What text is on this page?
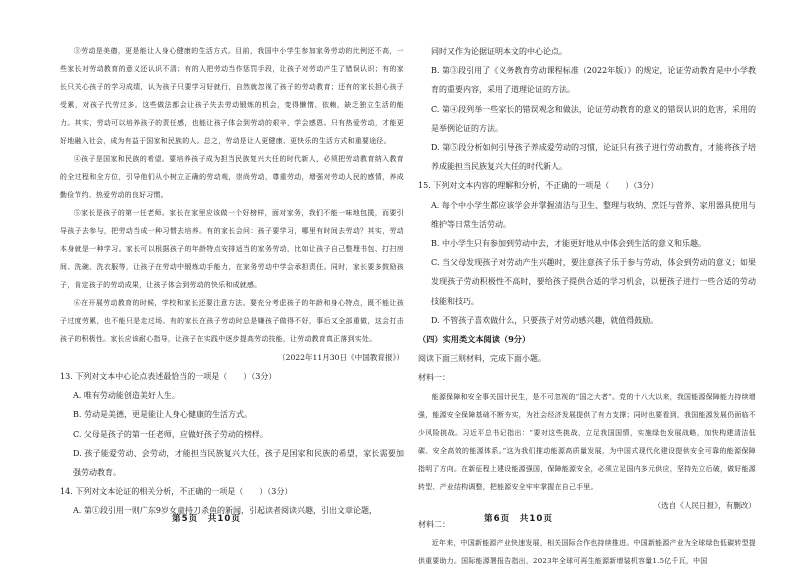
③劳动是美德，更是能让人身心健康的生活方式。目前，我国中小学生参加家务劳动的比例还不高，一些家长对劳动教育的意义还认识不清；有的人把劳动当作惩罚手段，让孩子对劳动产生了错误认识；有的家长只关心孩子的学习成绩，认为孩子只要学习好就行，自然就忽视了孩子的劳动教育；还有的家长担心孩子受累，对孩子代劳过多。这些做法都会让孩子失去劳动锻炼的机会，变得懒惰、依赖，缺乏独立生活的能力。其实，劳动可以培养孩子的责任感，也能让孩子体会到劳动的艰辛，学会感恩。只有热爱劳动，才能更好地融入社会，成为有益于国家和民族的人。总之，劳动是让人更健康、更快乐的生活方式和重要途径。

④孩子是国家和民族的希望。要培养孩子成为担当民族复兴大任的时代新人，必须把劳动教育纳入教育的全过程和全方位，引导他们从小树立正确的劳动观，崇尚劳动，尊重劳动，增强对劳动人民的感情，养成勤俭节约、热爱劳动的良好习惯。

⑤家长是孩子的第一任老师。家长在家里应该做一个好榜样，面对家务，我们不能一味地包揽，而要引导孩子去参与，把劳动当成一种习惯去培养。有的家长会问：孩子要学习，哪里有时间去劳动？其实，劳动本身就是一种学习。家长可以根据孩子的年龄特点安排适当的家务劳动，比如让孩子自己整理书包、打扫房间、洗碗、洗衣服等，让孩子在劳动中锻炼动手能力，在家务劳动中学会承担责任。同时，家长要多鼓励孩子，肯定孩子的劳动成果，让孩子体会到劳动的快乐和成就感。

⑥在开展劳动教育的时候，学校和家长还要注意方法。要充分考虑孩子的年龄和身心特点，既不能让孩子过度劳累，也不能只是走过场。有的家长在孩子劳动时总是嫌孩子做得不好，事后又全部重做，这会打击孩子的积极性。家长应该耐心指导，让孩子在实践中逐步提高劳动技能，让劳动教育真正落到实处。

（2022年11月30日《中国教育报》）

13. 下列对文本中心论点表述最恰当的一项是（　　）（3分）

A. 唯有劳动能创造美好人生。

B. 劳动是美德，更是能让人身心健康的生活方式。

C. 父母是孩子的第一任老师，应做好孩子劳动的榜样。

D. 孩子能爱劳动、会劳动，才能担当民族复兴大任，孩子是国家和民族的希望，家长需要加强劳动教育。

14. 下列对文本论证的相关分析，不正确的一项是（　　）（3分）

A. 第①段引用一则广东9岁女童持刀杀鱼的新闻，引起读者阅读兴趣，引出文章论题，

同时又作为论据证明本文的中心论点。

B. 第③段引用了《义务教育劳动课程标准（2022年版）》的规定，论证劳动教育是中小学教育的重要内容，采用了道理论证的方法。

C. 第④段列举一些家长的错误观念和做法，论证劳动教育的意义的错误认识的危害，采用的是举例论证的方法。

D. 第⑤段分析如何引导孩子养成爱劳动的习惯，论证只有孩子进行劳动教育，才能将孩子培养成能担当民族复兴大任的时代新人。

15. 下列对文本内容的理解和分析，不正确的一项是（　　）（3分）

A. 每个中小学生都应该学会并掌握清洁与卫生、整理与收纳、烹饪与营养、家用器具使用与维护等日常生活劳动。

B. 中小学生只有参加到劳动中去，才能更好地从中体会到生活的意义和乐趣。

C. 当父母发现孩子对劳动产生兴趣时，要注意孩子乐于参与劳动，体会到劳动的意义；如果发现孩子劳动积极性不高时，要给孩子提供合适的学习机会，以便孩子进行一些合适的劳动技能和技巧。

D. 不管孩子喜欢做什么，只要孩子对劳动感兴趣，就值得鼓励。

（四）实用类文本阅读（9分）

阅读下面三则材料，完成下面小题。

材料一：

能源保障和安全事关国计民生，是不可忽视的“国之大者”。党的十八大以来，我国能源保障能力持续增强，能源安全保障基础不断夯实，为社会经济发展提供了有力支撑；同时也要看到，我国能源发展仍面临不少风险挑战。习近平总书记指出：“要对这些挑战，立足我国国情，实施绿色发展战略，加快构建清洁低碳、安全高效的能源体系。”这为我们推动能源高质量发展，为中国式现代化建设提供安全可靠的能源保障指明了方向。在新征程上建设能源强国，保障能源安全，必须立足国内多元供应，坚持先立后破，做好能源转型、产业结构调整，把能源安全牢牢掌握在自己手里。

（选自《人民日报》，有删改）

材料二：

近年来，中国新能源产业快速发展，相关国际合作也持续推进。中国新能源产业为全球绿色低碳转型提供重要助力。国际能源署报告指出，2023年全球可再生能源新增装机容量1.5亿千瓦，中国

第5页　共10页	第6页　共10页
